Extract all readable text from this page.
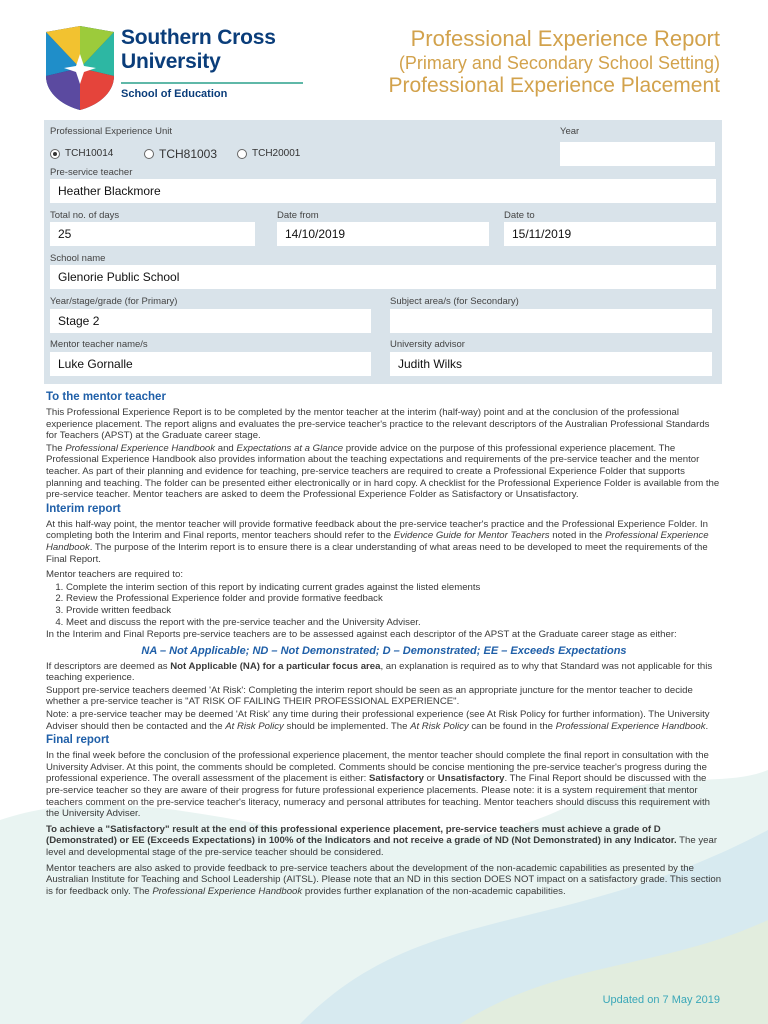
Southern Cross
University
School of Education
Professional Experience Report
(Primary and Secondary School Setting)
Professional Experience Placement
Professional Experience Unit	Year
TCH10014	TCH81003	TCH20001
Pre-service teacher
Heather Blackmore
Total no. of days	Date from	Date to
25	14/10/2019	15/11/2019
School name
Glenorie Public School
Year/stage/grade (for Primary)	Subject area/s (for Secondary)
Stage 2
Mentor teacher name/s	University advisor
Luke Gornalle	Judith Wilks
To the mentor teacher

This Professional Experience Report is to be completed by the mentor teacher at the interim (half-way) point and at the conclusion of the professional experience placement. The report aligns and evaluates the pre-service teacher's practice to the relevant descriptors of the Australian Professional Standards for Teachers (APST) at the Graduate career stage.

The Professional Experience Handbook and Expectations at a Glance provide advice on the purpose of this professional experience placement. The Professional Experience Handbook also provides information about the teaching expectations and requirements of the pre-service teacher and the mentor teacher. As part of their planning and evidence for teaching, pre-service teachers are required to create a Professional Experience Folder that supports planning and teaching. The folder can be presented either electronically or in hard copy. A checklist for the Professional Experience Folder is available from the pre-service teacher. Mentor teachers are asked to deem the Professional Experience Folder as Satisfactory or Unsatisfactory.

Interim report

At this half-way point, the mentor teacher will provide formative feedback about the pre-service teacher's practice and the Professional Experience Folder. In completing both the Interim and Final reports, mentor teachers should refer to the Evidence Guide for Mentor Teachers noted in the Professional Experience Handbook. The purpose of the Interim report is to ensure there is a clear understanding of what areas need to be developed to meet the requirements of the Final Report.

Mentor teachers are required to:

1. Complete the interim section of this report by indicating current grades against the listed elements
2. Review the Professional Experience folder and provide formative feedback
3. Provide written feedback
4. Meet and discuss the report with the pre-service teacher and the University Adviser.

In the Interim and Final Reports pre-service teachers are to be assessed against each descriptor of the APST at the Graduate career stage as either:

NA – Not Applicable; ND – Not Demonstrated; D – Demonstrated; EE – Exceeds Expectations

If descriptors are deemed as Not Applicable (NA) for a particular focus area, an explanation is required as to why that Standard was not applicable for this teaching experience.

Support pre-service teachers deemed 'At Risk': Completing the interim report should be seen as an appropriate juncture for the mentor teacher to decide whether a pre-service teacher is "AT RISK OF FAILING THEIR PROFESSIONAL EXPERIENCE".

Note: a pre-service teacher may be deemed 'At Risk' any time during their professional experience (see At Risk Policy for further information). The University Adviser should then be contacted and the At Risk Policy should be implemented. The At Risk Policy can be found in the Professional Experience Handbook.

Final report

In the final week before the conclusion of the professional experience placement, the mentor teacher should complete the final report in consultation with the University Adviser. At this point, the comments should be completed. Comments should be concise mentioning the pre-service teacher's progress during the professional experience. The overall assessment of the placement is either: Satisfactory or Unsatisfactory. The Final Report should be discussed with the pre-service teacher so they are aware of their progress for future professional experience placements. Please note: it is a system requirement that mentor teachers comment on the pre-service teacher's literacy, numeracy and personal attributes for teaching. Mentor teachers should discuss this requirement with the University Adviser.

To achieve a "Satisfactory" result at the end of this professional experience placement, pre-service teachers must achieve a grade of D (Demonstrated) or EE (Exceeds Expectations) in 100% of the Indicators and not receive a grade of ND (Not Demonstrated) in any Indicator. The year level and developmental stage of the pre-service teacher should be considered.

Mentor teachers are also asked to provide feedback to pre-service teachers about the development of the non-academic capabilities as presented by the Australian Institute for Teaching and School Leadership (AITSL). Please note that an ND in this section DOES NOT impact on a satisfactory grade. This section is for feedback only. The Professional Experience Handbook provides further explanation of the non-academic capabilities.

Updated on 7 May 2019
